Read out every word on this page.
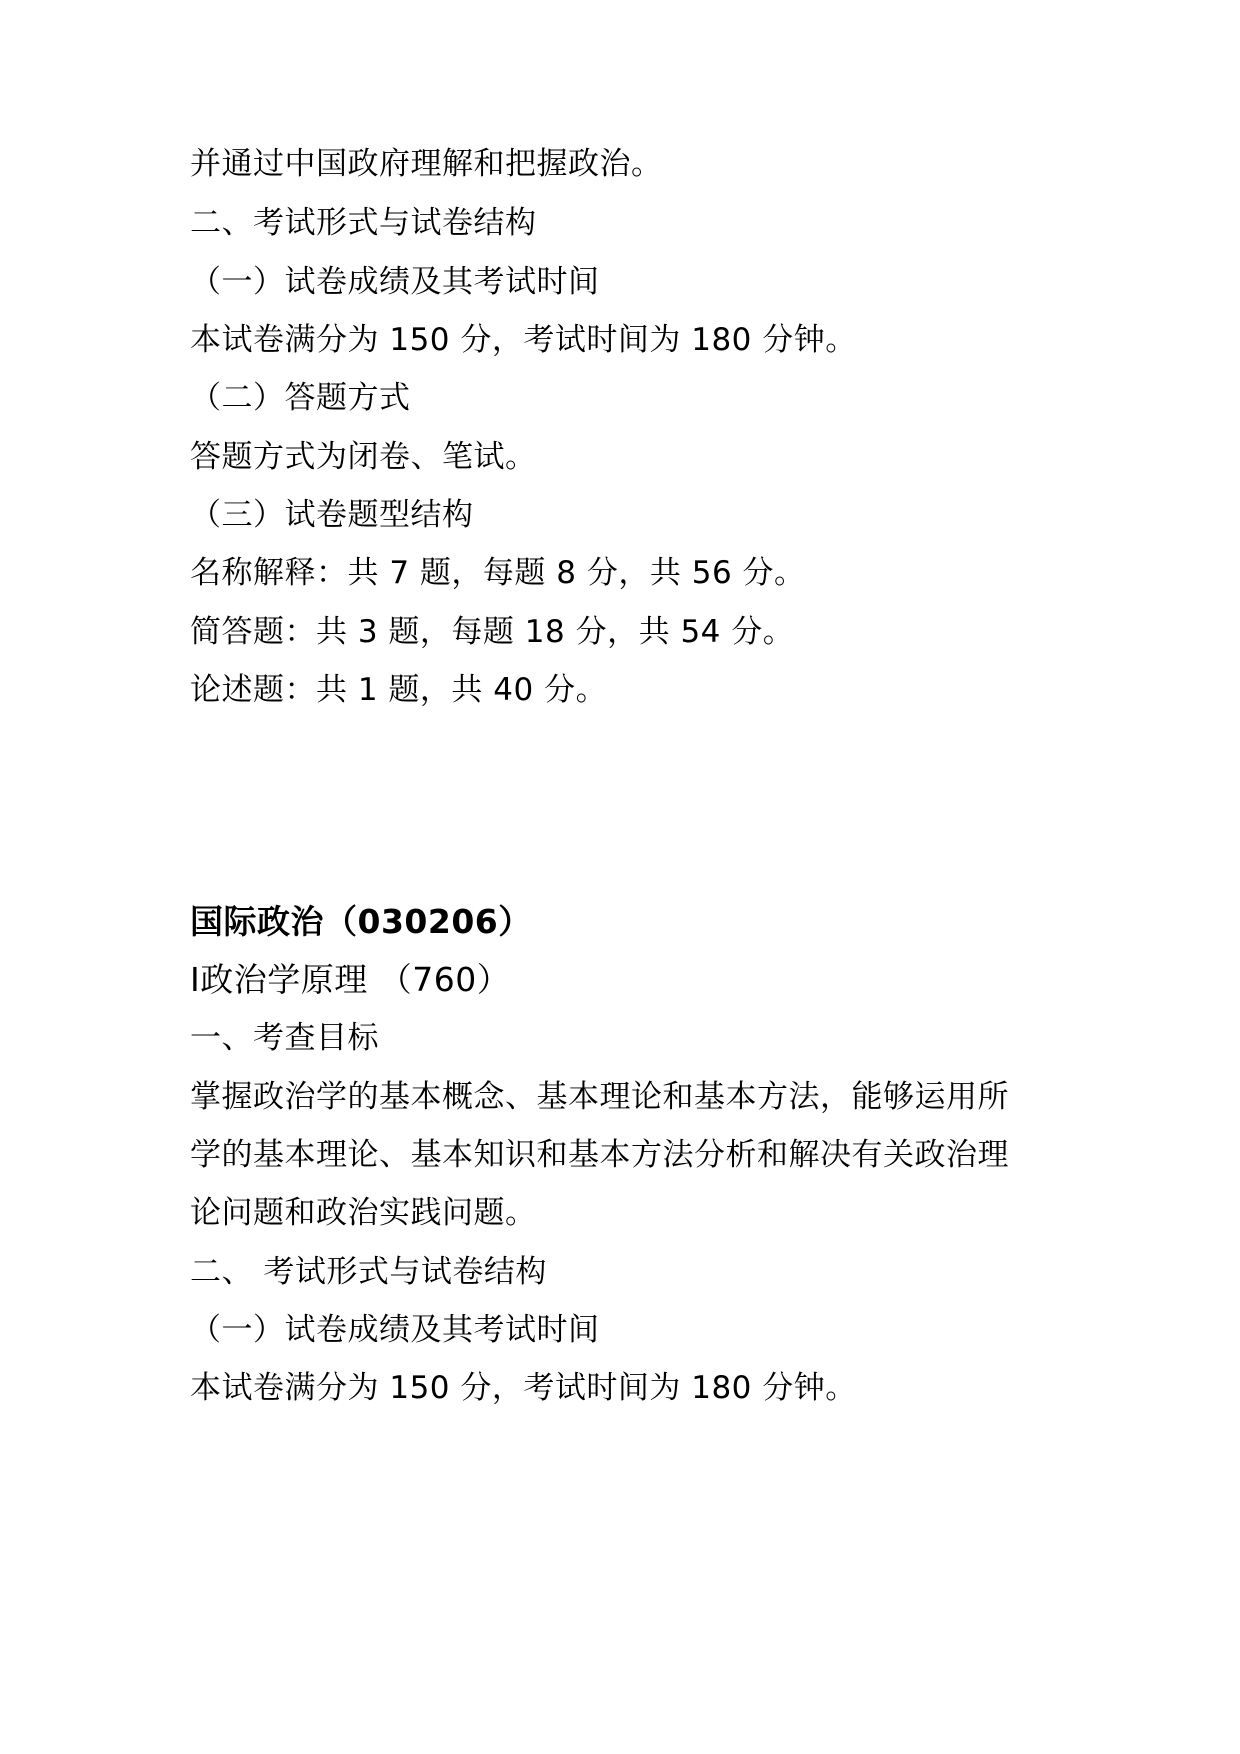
并通过中国政府理解和把握政治。
二、考试形式与试卷结构
（一）试卷成绩及其考试时间
本试卷满分为 150 分，考试时间为 180 分钟。
（二）答题方式
答题方式为闭卷、笔试。
（三）试卷题型结构
名称解释：共 7 题，每题 8 分，共 56 分。
简答题：共 3 题，每题 18 分，共 54 分。
论述题：共 1 题，共 40 分。
国际政治（030206）
Ⅰ政治学原理 （760）
一、考查目标
掌握政治学的基本概念、基本理论和基本方法，能够运用所
学的基本理论、基本知识和基本方法分析和解决有关政治理
论问题和政治实践问题。
二、 考试形式与试卷结构
（一）试卷成绩及其考试时间
本试卷满分为 150 分，考试时间为 180 分钟。
